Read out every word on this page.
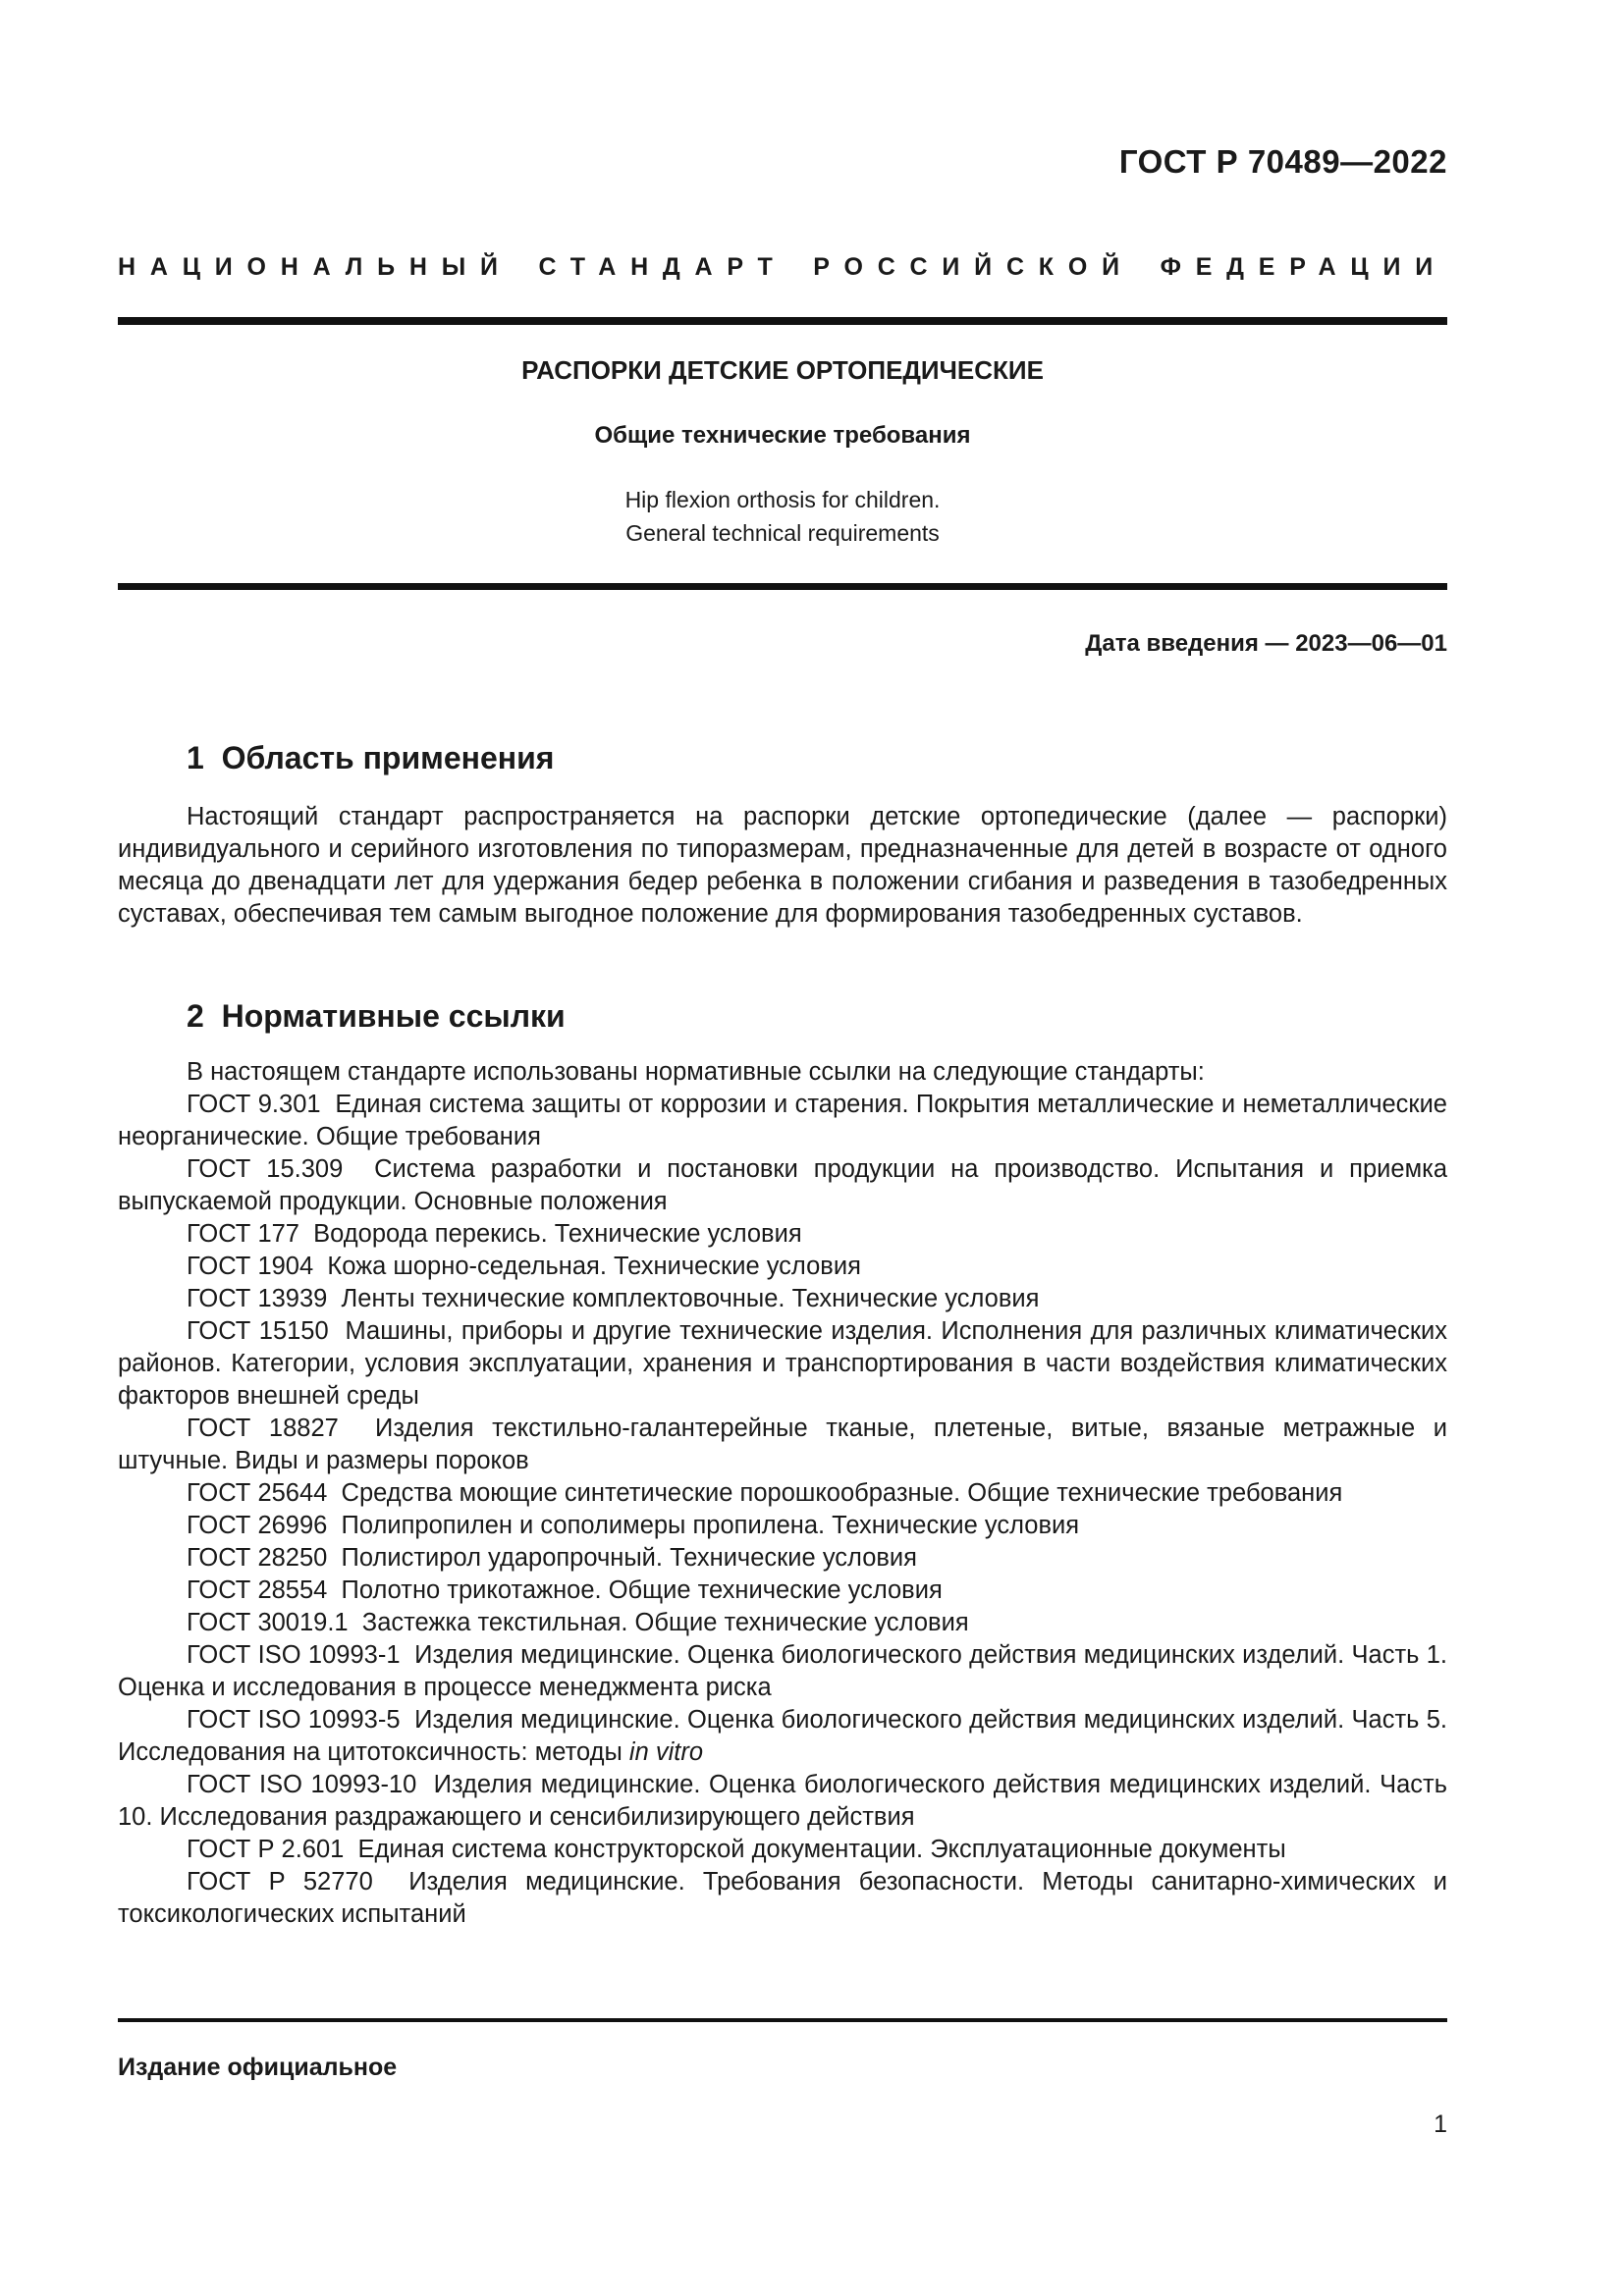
ГОСТ Р 70489—2022
НАЦИОНАЛЬНЫЙ СТАНДАРТ РОССИЙСКОЙ ФЕДЕРАЦИИ
РАСПОРКИ ДЕТСКИЕ ОРТОПЕДИЧЕСКИЕ
Общие технические требования
Hip flexion orthosis for children.
General technical requirements
Дата введения — 2023—06—01
1  Область применения

Настоящий стандарт распространяется на распорки детские ортопедические (далее — распорки) индивидуального и серийного изготовления по типоразмерам, предназначенные для детей в возрасте от одного месяца до двенадцати лет для удержания бедер ребенка в положении сгибания и разведения в тазобедренных суставах, обеспечивая тем самым выгодное положение для формирования тазобедренных суставов.

2  Нормативные ссылки

В настоящем стандарте использованы нормативные ссылки на следующие стандарты:

ГОСТ 9.301 Единая система защиты от коррозии и старения. Покрытия металлические и неметаллические неорганические. Общие требования

ГОСТ 15.309 Система разработки и постановки продукции на производство. Испытания и приемка выпускаемой продукции. Основные положения

ГОСТ 177 Водорода перекись. Технические условия

ГОСТ 1904 Кожа шорно-седельная. Технические условия

ГОСТ 13939 Ленты технические комплектовочные. Технические условия

ГОСТ 15150 Машины, приборы и другие технические изделия. Исполнения для различных климатических районов. Категории, условия эксплуатации, хранения и транспортирования в части воздействия климатических факторов внешней среды

ГОСТ 18827 Изделия текстильно-галантерейные тканые, плетеные, витые, вязаные метражные и штучные. Виды и размеры пороков

ГОСТ 25644 Средства моющие синтетические порошкообразные. Общие технические требования

ГОСТ 26996 Полипропилен и сополимеры пропилена. Технические условия

ГОСТ 28250 Полистирол ударопрочный. Технические условия

ГОСТ 28554 Полотно трикотажное. Общие технические условия

ГОСТ 30019.1 Застежка текстильная. Общие технические условия

ГОСТ ISO 10993-1 Изделия медицинские. Оценка биологического действия медицинских изделий. Часть 1. Оценка и исследования в процессе менеджмента риска

ГОСТ ISO 10993-5 Изделия медицинские. Оценка биологического действия медицинских изделий. Часть 5. Исследования на цитотоксичность: методы in vitro

ГОСТ ISO 10993-10 Изделия медицинские. Оценка биологического действия медицинских изделий. Часть 10. Исследования раздражающего и сенсибилизирующего действия

ГОСТ Р 2.601 Единая система конструкторской документации. Эксплуатационные документы

ГОСТ Р 52770 Изделия медицинские. Требования безопасности. Методы санитарно-химических и токсикологических испытаний

Издание официальное
1
